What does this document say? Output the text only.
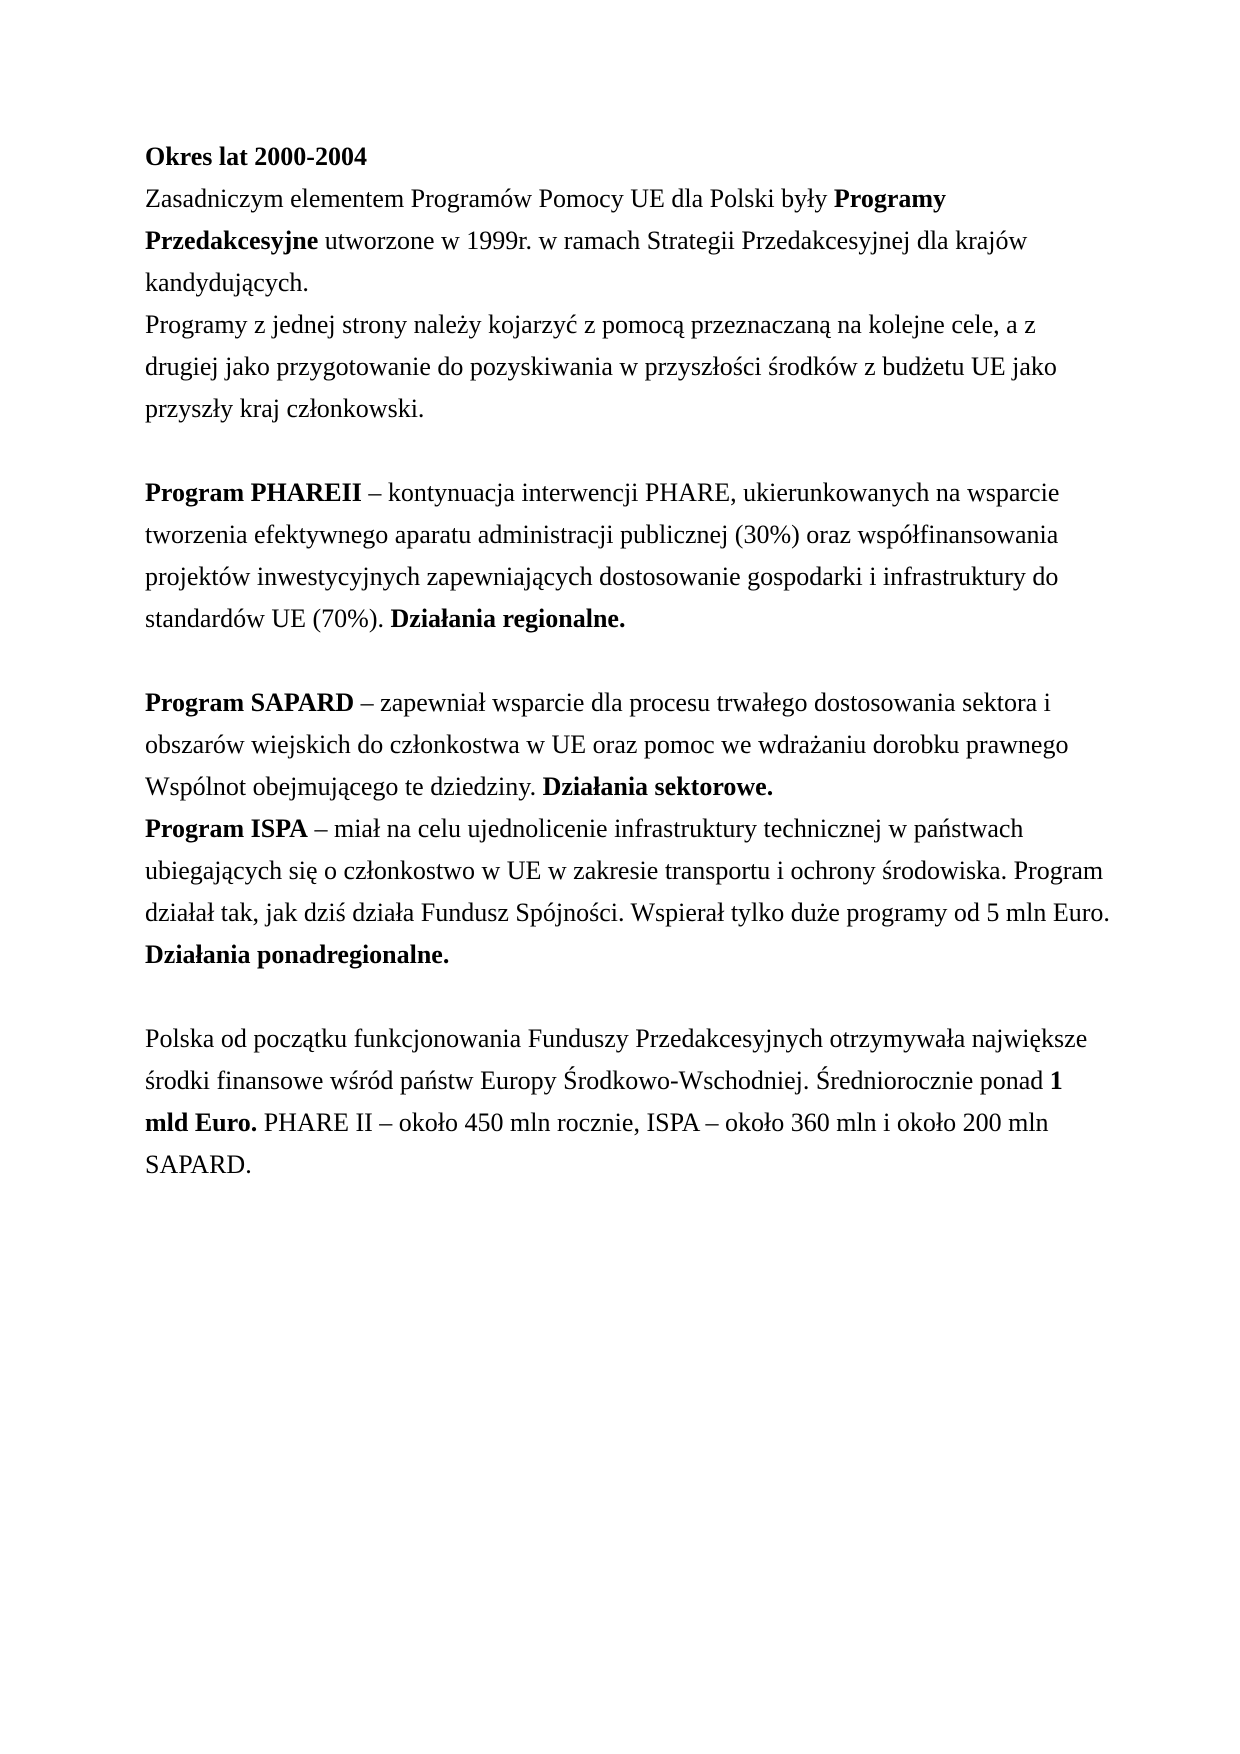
Okres lat 2000-2004

Zasadniczym elementem Programów Pomocy UE dla Polski były Programy Przedakcesyjne utworzone w 1999r. w ramach Strategii Przedakcesyjnej dla krajów kandydujących.

Programy z jednej strony należy kojarzyć z pomocą przeznaczaną na kolejne cele, a z drugiej jako przygotowanie do pozyskiwania w przyszłości środków z budżetu UE jako przyszły kraj członkowski.

Program PHAREII – kontynuacja interwencji PHARE, ukierunkowanych na wsparcie tworzenia efektywnego aparatu administracji publicznej (30%) oraz współfinansowania projektów inwestycyjnych zapewniających dostosowanie gospodarki i infrastruktury do standardów UE (70%). Działania regionalne.

Program SAPARD – zapewniał wsparcie dla procesu trwałego dostosowania sektora i obszarów wiejskich do członkostwa w UE oraz pomoc we wdrażaniu dorobku prawnego Wspólnot obejmującego te dziedziny. Działania sektorowe.

Program ISPA – miał na celu ujednolicenie infrastruktury technicznej w państwach ubiegających się o członkostwo w UE w zakresie transportu i ochrony środowiska. Program działał tak, jak dziś działa Fundusz Spójności. Wspierał tylko duże programy od 5 mln Euro. Działania ponadregionalne.

Polska od początku funkcjonowania Funduszy Przedakcesyjnych otrzymywała największe środki finansowe wśród państw Europy Środkowo-Wschodniej. Średniorocznie ponad 1 mld Euro. PHARE II – około 450 mln rocznie, ISPA – około 360 mln i około 200 mln SAPARD.
